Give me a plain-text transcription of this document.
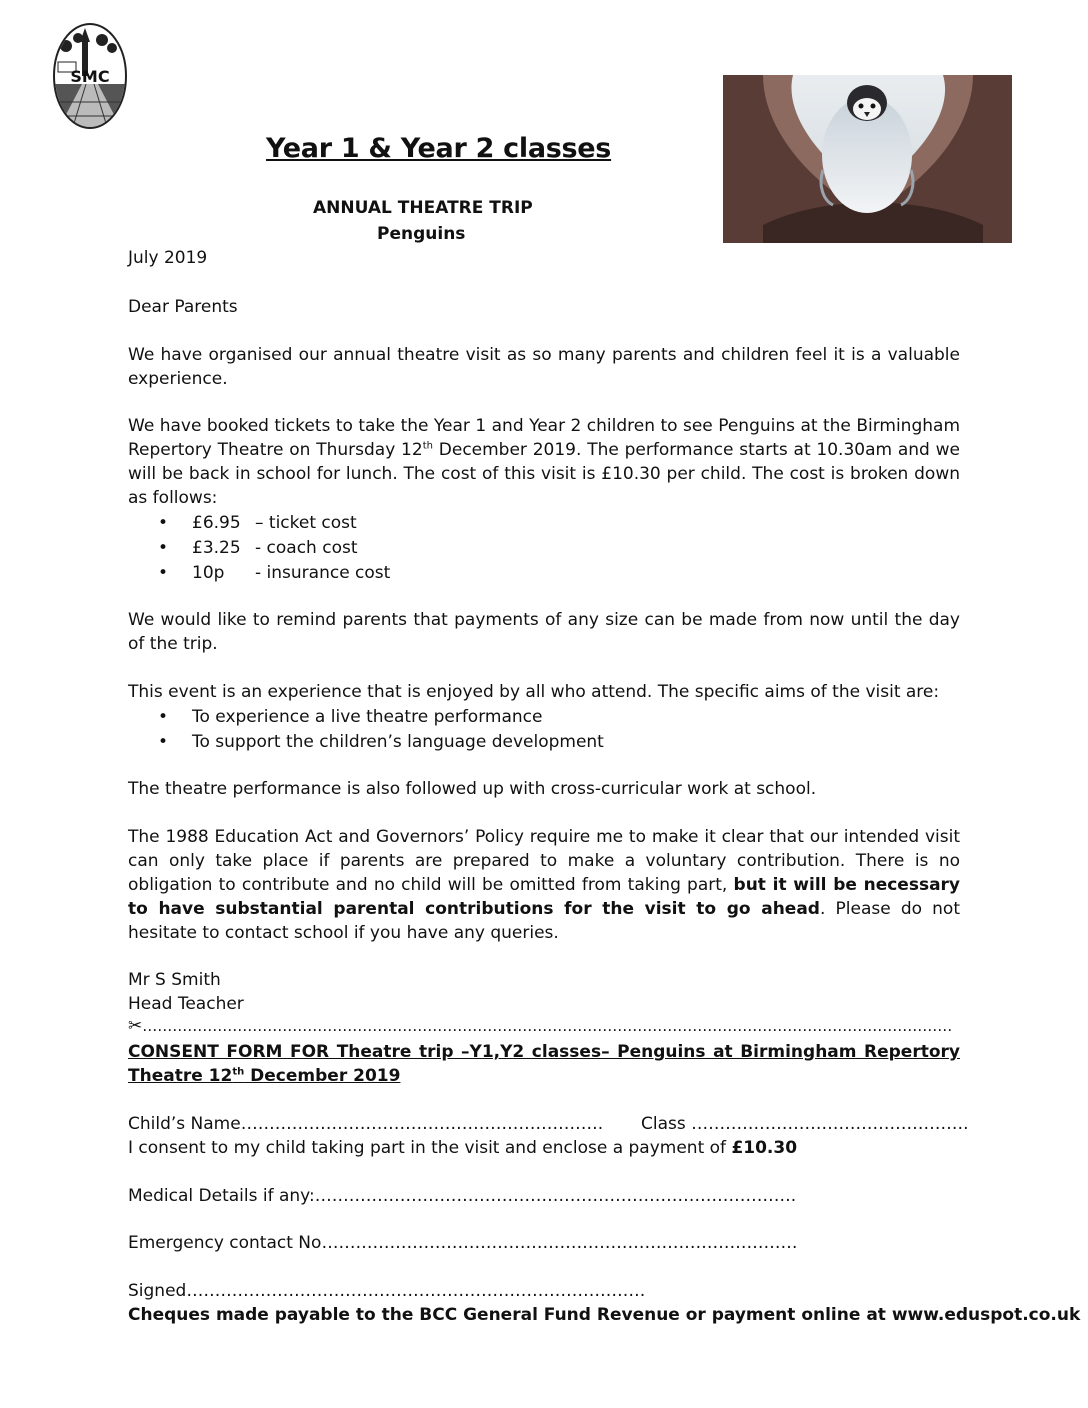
SMC
Year 1 & Year 2 classes
ANNUAL THEATRE TRIP
Penguins

July 2019

Dear Parents

We have organised our annual theatre visit as so many parents and children feel it is a valuable experience.

We have booked tickets to take the Year 1 and Year 2 children to see Penguins at the Birmingham Repertory Theatre on Thursday 12th December 2019. The performance starts at 10.30am and we will be back in school for lunch. The cost of this visit is £10.30 per child. The cost is broken down as follows:

• £6.95 – ticket cost
• £3.25 - coach cost
• 10p - insurance cost

We would like to remind parents that payments of any size can be made from now until the day of the trip.

This event is an experience that is enjoyed by all who attend. The specific aims of the visit are:

• To experience a live theatre performance
• To support the children’s language development

The theatre performance is also followed up with cross-curricular work at school.

The 1988 Education Act and Governors’ Policy require me to make it clear that our intended visit can only take place if parents are prepared to make a voluntary contribution. There is no obligation to contribute and no child will be omitted from taking part, but it will be necessary to have substantial parental contributions for the visit to go ahead. Please do not hesitate to contact school if you have any queries.

Mr S Smith

Head Teacher

✂………………………………………………………………………………………………………………………………………………

CONSENT FORM FOR Theatre trip –Y1,Y2 classes– Penguins at Birmingham Repertory Theatre 12th December 2019

Child’s Name………………………………………………………. Class ………………………………………….

I consent to my child taking part in the visit and enclose a payment of £10.30

Medical Details if any:………………………………………………………………………….
Emergency contact No…………………………………………………………………………
Signed………………………………………………………………………
Cheques made payable to the BCC General Fund Revenue or payment online at www.eduspot.co.uk
